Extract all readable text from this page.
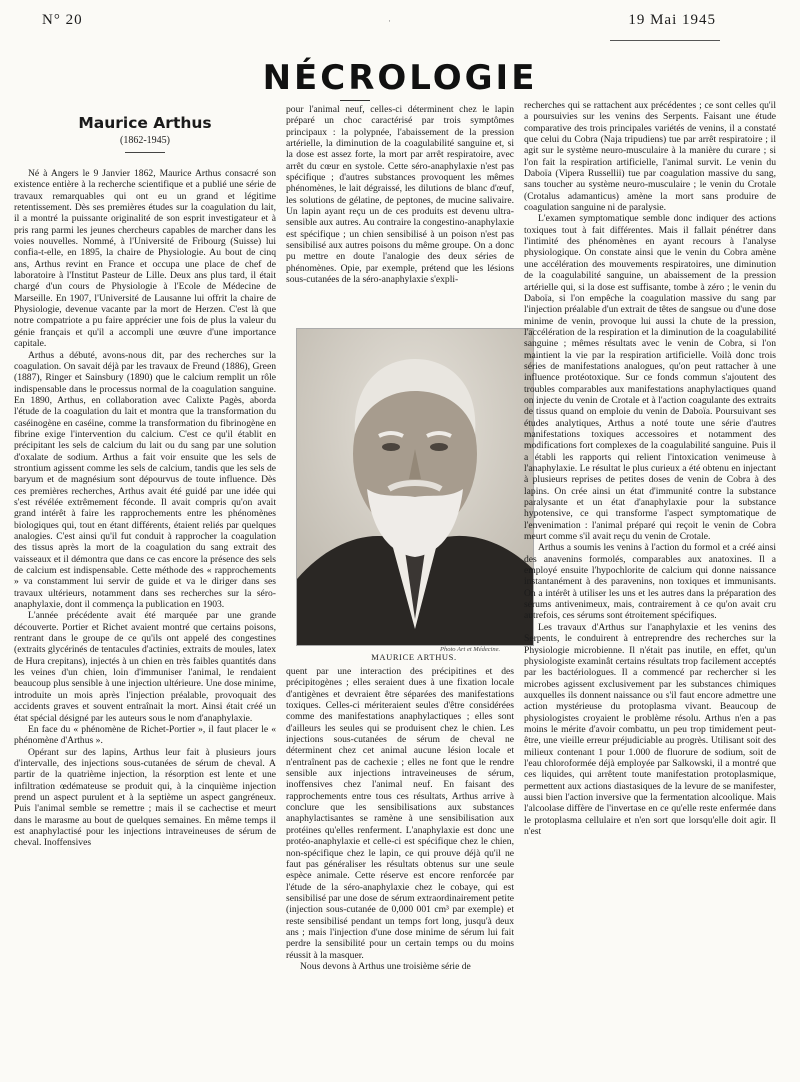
N° 20	·	19 Mai 1945
NÉCROLOGIE
Maurice Arthus
(1862-1945)

Né à Angers le 9 Janvier 1862, Maurice Arthus consacré son existence entière à la recherche scientifique et a publié une série de travaux remarquables qui ont eu un grand et légitime retentissement. Dès ses premières études sur la coagulation du lait, il a montré la puissante originalité de son esprit investigateur et à pris rang parmi les jeunes chercheurs capables de marcher dans les voies nouvelles. Nommé, à l'Université de Fribourg (Suisse) lui confia-t-elle, en 1895, la chaire de Physiologie. Au bout de cinq ans, Arthus revint en France et occupa une place de chef de laboratoire à l'Institut Pasteur de Lille. Deux ans plus tard, il était chargé d'un cours de Physiologie à l'Ecole de Médecine de Marseille. En 1907, l'Université de Lausanne lui offrit la chaire de Physiologie, devenue vacante par la mort de Herzen. C'est là que notre compatriote a pu faire apprécier une fois de plus la valeur du génie français et qu'il a accompli une œuvre d'une importance capitale.

Arthus a débuté, avons-nous dit, par des recherches sur la coagulation. On savait déjà par les travaux de Freund (1886), Green (1887), Ringer et Sainsbury (1890) que le calcium remplit un rôle indispensable dans le processus normal de la coagulation sanguine. En 1890, Arthus, en collaboration avec Calixte Pagès, aborda l'étude de la coagulation du lait et montra que la transformation du caséinogène en caséine, comme la transformation du fibrinogène en fibrine exige l'intervention du calcium. C'est ce qu'il établit en précipitant les sels de calcium du lait ou du sang par une solution d'oxalate de sodium. Arthus a fait voir ensuite que les sels de strontium agissent comme les sels de calcium, tandis que les sels de baryum et de magnésium sont dépourvus de toute influence. Dès ces premières recherches, Arthus avait été guidé par une idée qui s'est révélée extrêmement féconde. Il avait compris qu'on avait grand intérêt à faire les rapprochements entre les phénomènes biologiques qui, tout en étant différents, étaient reliés par quelques analogies. C'est ainsi qu'il fut conduit à rapprocher la coagulation des tissus après la mort de la coagulation du sang extrait des vaisseaux et il démontra que dans ce cas encore la présence des sels de calcium est indispensable. Cette méthode des « rapprochements » va constamment lui servir de guide et va le diriger dans ses travaux ultérieurs, notamment dans ses recherches sur la séro-anaphylaxie, dont il commença la publication en 1903.

L'année précédente avait été marquée par une grande découverte. Portier et Richet avaient montré que certains poisons, rentrant dans le groupe de ce qu'ils ont appelé des congestines (extraits glycérinés de tentacules d'actinies, extraits de moules, latex de Hura crepitans), injectés à un chien en très faibles quantités dans les veines d'un chien, loin d'immuniser l'animal, le rendaient beaucoup plus sensible à une injection ultérieure. Une dose minime, introduite un mois après l'injection préalable, provoquait des accidents graves et souvent entraînait la mort. Ainsi était créé un état spécial désigné par les auteurs sous le nom d'anaphylaxie.

En face du « phénomène de Richet-Portier », il faut placer le « phénomène d'Arthus ».

Opérant sur des lapins, Arthus leur fait à plusieurs jours d'intervalle, des injections sous-cutanées de sérum de cheval. A partir de la quatrième injection, la résorption est lente et une infiltration œdémateuse se produit qui, à la cinquième injection prend un aspect purulent et à la septième un aspect gangréneux. Puis l'animal semble se remettre ; mais il se cachectise et meurt dans le marasme au bout de quelques semaines. En même temps il est anaphylactisé pour les injections intraveineuses de sérum de cheval. Inoffensives

pour l'animal neuf, celles-ci déterminent chez le lapin préparé un choc caractérisé par trois symptômes principaux : la polypnée, l'abaissement de la pression artérielle, la diminution de la coagulabilité sanguine et, si la dose est assez forte, la mort par arrêt respiratoire, avec arrêt du cœur en systole. Cette séro-anaphylaxie n'est pas spécifique ; d'autres substances provoquent les mêmes phénomènes, le lait dégraissé, les dilutions de blanc d'œuf, les solutions de gélatine, de peptones, de mucine salivaire. Un lapin ayant reçu un de ces produits est devenu ultra-sensible aux autres. Au contraire la congestino-anaphylaxie est spécifique ; un chien sensibilisé à un poison n'est pas sensibilisé aux autres poisons du même groupe. On a donc pu mettre en doute l'analogie des deux séries de phénomènes. Opie, par exemple, prétend que les lésions sous-cutanées de la séro-anaphylaxie s'expli-

Photo Art et Médecine.
MAURICE ARTHUS.

quent par une interaction des précipitines et des précipitogènes ; elles seraient dues à une fixation locale d'antigènes et devraient être séparées des manifestations toxiques. Celles-ci mériteraient seules d'être considérées comme des manifestations anaphylactiques ; elles sont d'ailleurs les seules qui se produisent chez le chien. Les injections sous-cutanées de sérum de cheval ne déterminent chez cet animal aucune lésion locale et n'entraînent pas de cachexie ; elles ne font que le rendre sensible aux injections intraveineuses de sérum, inoffensives chez l'animal neuf. En faisant des rapprochements entre tous ces résultats, Arthus arrive à conclure que les sensibilisations aux substances anaphylactisantes se ramène à une sensibilisation aux protéines qu'elles renferment. L'anaphylaxie est donc une protéo-anaphylaxie et celle-ci est spécifique chez le chien, non-spécifique chez le lapin, ce qui prouve déjà qu'il ne faut pas généraliser les résultats obtenus sur une seule espèce animale. Cette réserve est encore renforcée par l'étude de la séro-anaphylaxie chez le cobaye, qui est sensibilisé par une dose de sérum extraordinairement petite (injection sous-cutanée de 0,000 001 cm³ par exemple) et reste sensibilisé pendant un temps fort long, jusqu'à deux ans ; mais l'injection d'une dose minime de sérum lui fait perdre la sensibilité pour un certain temps ou du moins réussit à la masquer.

Nous devons à Arthus une troisième série de

recherches qui se rattachent aux précédentes ; ce sont celles qu'il a poursuivies sur les venins des Serpents. Faisant une étude comparative des trois principales variétés de venins, il a constaté que celui du Cobra (Naja tripudiens) tue par arrêt respiratoire ; il agit sur le système neuro-musculaire à la manière du curare ; si l'on fait la respiration artificielle, l'animal survit. Le venin du Daboïa (Vipera Russellii) tue par coagulation massive du sang, sans toucher au système neuro-musculaire ; le venin du Crotale (Crotalus adamanticus) amène la mort sans produire de coagulation sanguine ni de paralysie.

L'examen symptomatique semble donc indiquer des actions toxiques tout à fait différentes. Mais il fallait pénétrer dans l'intimité des phénomènes en ayant recours à l'analyse physiologique. On constate ainsi que le venin du Cobra amène une accélération des mouvements respiratoires, une diminution de la coagulabilité sanguine, un abaissement de la pression artérielle qui, si la dose est suffisante, tombe à zéro ; le venin du Daboïa, si l'on empêche la coagulation massive du sang par l'injection préalable d'un extrait de têtes de sangsue ou d'une dose minime de venin, provoque lui aussi la chute de la pression, l'accélération de la respiration et la diminution de la coagulabilité sanguine ; mêmes résultats avec le venin de Cobra, si l'on maintient la vie par la respiration artificielle. Voilà donc trois séries de manifestations analogues, qu'on peut rattacher à une influence protéotoxique. Sur ce fonds commun s'ajoutent des troubles comparables aux manifestations anaphylactiques quand on injecte du venin de Crotale et à l'action coagulante des extraits de tissus quand on emploie du venin de Daboïa. Poursuivant ses études analytiques, Arthus a noté toute une série d'autres manifestations toxiques accessoires et notamment des modifications fort complexes de la coagulabilité sanguine. Puis il a établi les rapports qui relient l'intoxication venimeuse à l'anaphylaxie. Le résultat le plus curieux a été obtenu en injectant à plusieurs reprises de petites doses de venin de Cobra à des lapins. On crée ainsi un état d'immunité contre la substance paralysante et un état d'anaphylaxie pour la substance hypotensive, ce qui transforme l'aspect symptomatique de l'envenimation : l'animal préparé qui reçoit le venin de Cobra meurt comme s'il avait reçu du venin de Crotale.

Arthus a soumis les venins à l'action du formol et a créé ainsi des anavenins formolés, comparables aux anatoxines. Il a employé ensuite l'hypochlorite de calcium qui donne naissance instantanément à des paravenins, non toxiques et immunisants. On a intérêt à utiliser les uns et les autres dans la préparation des sérums antivenimeux, mais, contrairement à ce qu'on avait cru autrefois, ces sérums sont étroitement spécifiques.

Les travaux d'Arthus sur l'anaphylaxie et les venins des Serpents, le conduirent à entreprendre des recherches sur la Physiologie microbienne. Il n'était pas inutile, en effet, qu'un physiologiste examinât certains résultats trop facilement acceptés par les bactériologues. Il a commencé par rechercher si les microbes agissent exclusivement par les substances chimiques auxquelles ils donnent naissance ou s'il faut encore admettre une action mystérieuse du protoplasma vivant. Beaucoup de physiologistes croyaient le problème résolu. Arthus n'en a pas moins le mérite d'avoir combattu, un peu trop timidement peut-être, une vieille erreur préjudiciable au progrès. Utilisant soit des milieux contenant 1 pour 1.000 de fluorure de sodium, soit de l'eau chloroformée déjà employée par Salkowski, il a montré que ces liquides, qui arrêtent toute manifestation protoplasmique, permettent aux actions diastasiques de la levure de se manifester, aussi bien l'action inversive que la fermentation alcoolique. Mais l'alcoolase diffère de l'invertase en ce qu'elle reste enfermée dans le protoplasma cellulaire et n'en sort que lorsqu'elle doit agir. Il n'est
